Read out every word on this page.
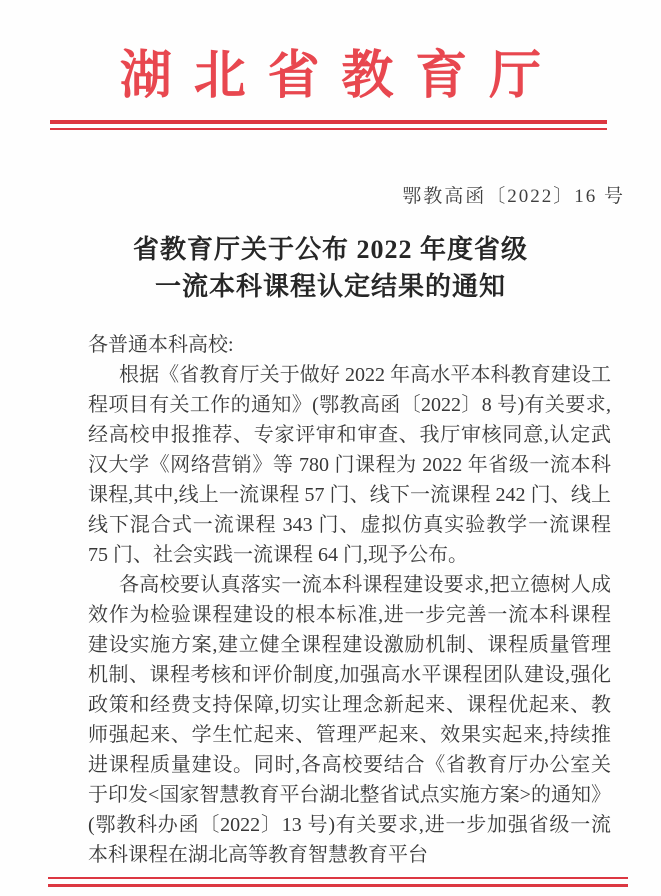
湖北省教育厅
鄂教高函〔2022〕16 号
省教育厅关于公布 2022 年度省级
一流本科课程认定结果的通知
各普通本科高校:

根据《省教育厅关于做好 2022 年高水平本科教育建设工程项目有关工作的通知》(鄂教高函〔2022〕8 号)有关要求,经高校申报推荐、专家评审和审查、我厅审核同意,认定武汉大学《网络营销》等 780 门课程为 2022 年省级一流本科课程,其中,线上一流课程 57 门、线下一流课程 242 门、线上线下混合式一流课程 343 门、虚拟仿真实验教学一流课程 75 门、社会实践一流课程 64 门,现予公布。

各高校要认真落实一流本科课程建设要求,把立德树人成效作为检验课程建设的根本标准,进一步完善一流本科课程建设实施方案,建立健全课程建设激励机制、课程质量管理机制、课程考核和评价制度,加强高水平课程团队建设,强化政策和经费支持保障,切实让理念新起来、课程优起来、教师强起来、学生忙起来、管理严起来、效果实起来,持续推进课程质量建设。同时,各高校要结合《省教育厅办公室关于印发<国家智慧教育平台湖北整省试点实施方案>的通知》(鄂教科办函〔2022〕13 号)有关要求,进一步加强省级一流本科课程在湖北高等教育智慧教育平台
